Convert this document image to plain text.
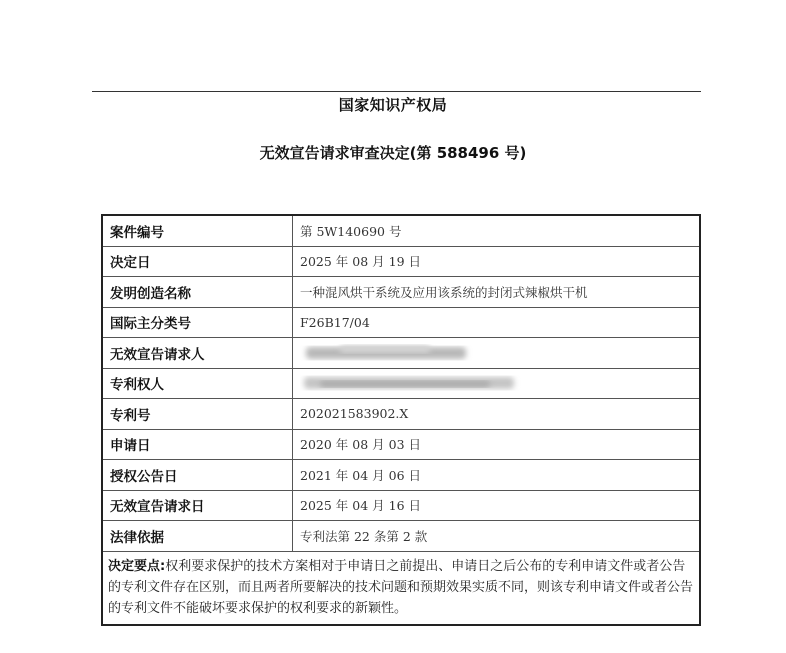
国家知识产权局
无效宣告请求审查决定(第 588496 号)
案件编号	第 5W140690 号
决定日	2025 年 08 月 19 日
发明创造名称	一种混风烘干系统及应用该系统的封闭式辣椒烘干机
国际主分类号	F26B17/04
无效宣告请求人	

专利权人	

专利号	202021583902.X
申请日	2020 年 08 月 03 日
授权公告日	2021 年 04 月 06 日
无效宣告请求日	2025 年 04 月 16 日
法律依据	专利法第 22 条第 2 款
决定要点:权利要求保护的技术方案相对于申请日之前提出、申请日之后公布的专利申请文件或者公告的专利文件存在区别，而且两者所要解决的技术问题和预期效果实质不同，则该专利申请文件或者公告的专利文件不能破坏要求保护的权利要求的新颖性。	
